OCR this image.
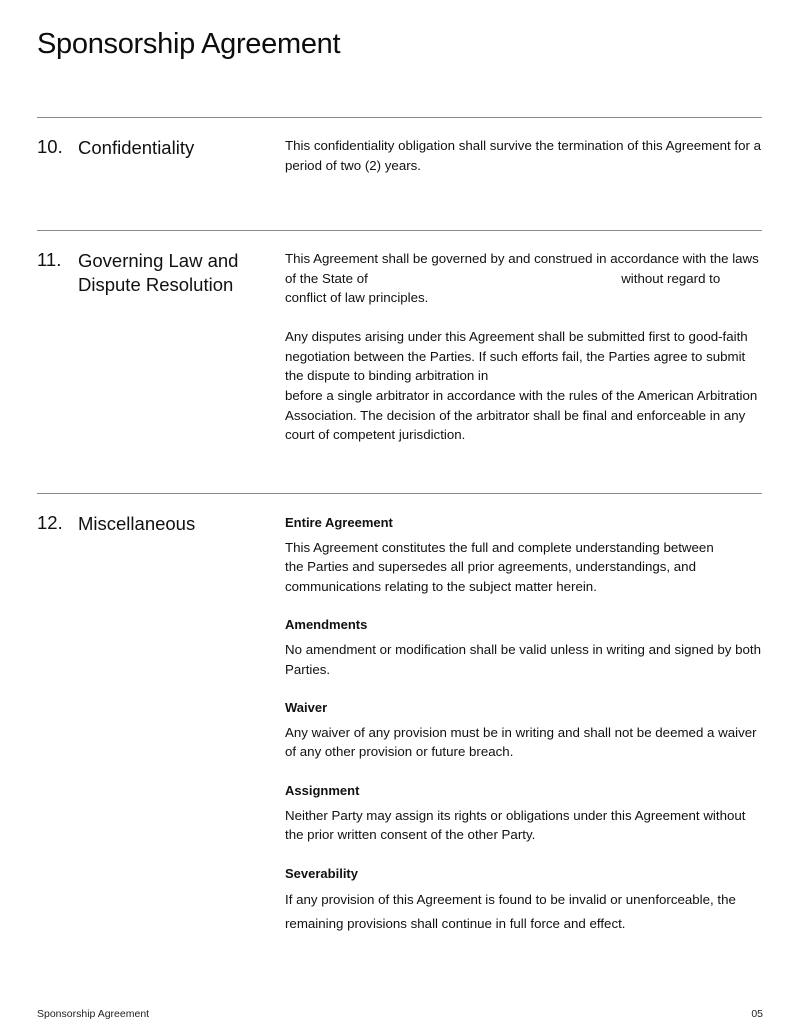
Sponsorship Agreement
10. Confidentiality	This confidentiality obligation shall survive the termination of this Agreement for a period of two (2) years.

11. Governing Law and Dispute Resolution

This Agreement shall be governed by and construed in accordance with the laws of the State of	without regard to conflict of law principles.

Any disputes arising under this Agreement shall be submitted first to good-faith negotiation between the Parties. If such efforts fail, the Parties agree to submit the dispute to binding arbitration in
before a single arbitrator in accordance with the rules of the American Arbitration Association. The decision of the arbitrator shall be final and enforceable in any court of competent jurisdiction.

12. Miscellaneous	Entire Agreement

This Agreement constitutes the full and complete understanding between
the Parties and supersedes all prior agreements, understandings, and communications relating to the subject matter herein.

Amendments

No amendment or modification shall be valid unless in writing and signed by both Parties.

Waiver

Any waiver of any provision must be in writing and shall not be deemed a waiver of any other provision or future breach.

Assignment

Neither Party may assign its rights or obligations under this Agreement without the prior written consent of the other Party.

Severability

If any provision of this Agreement is found to be invalid or unenforceable, the remaining provisions shall continue in full force and effect.

Sponsorship Agreement	05
